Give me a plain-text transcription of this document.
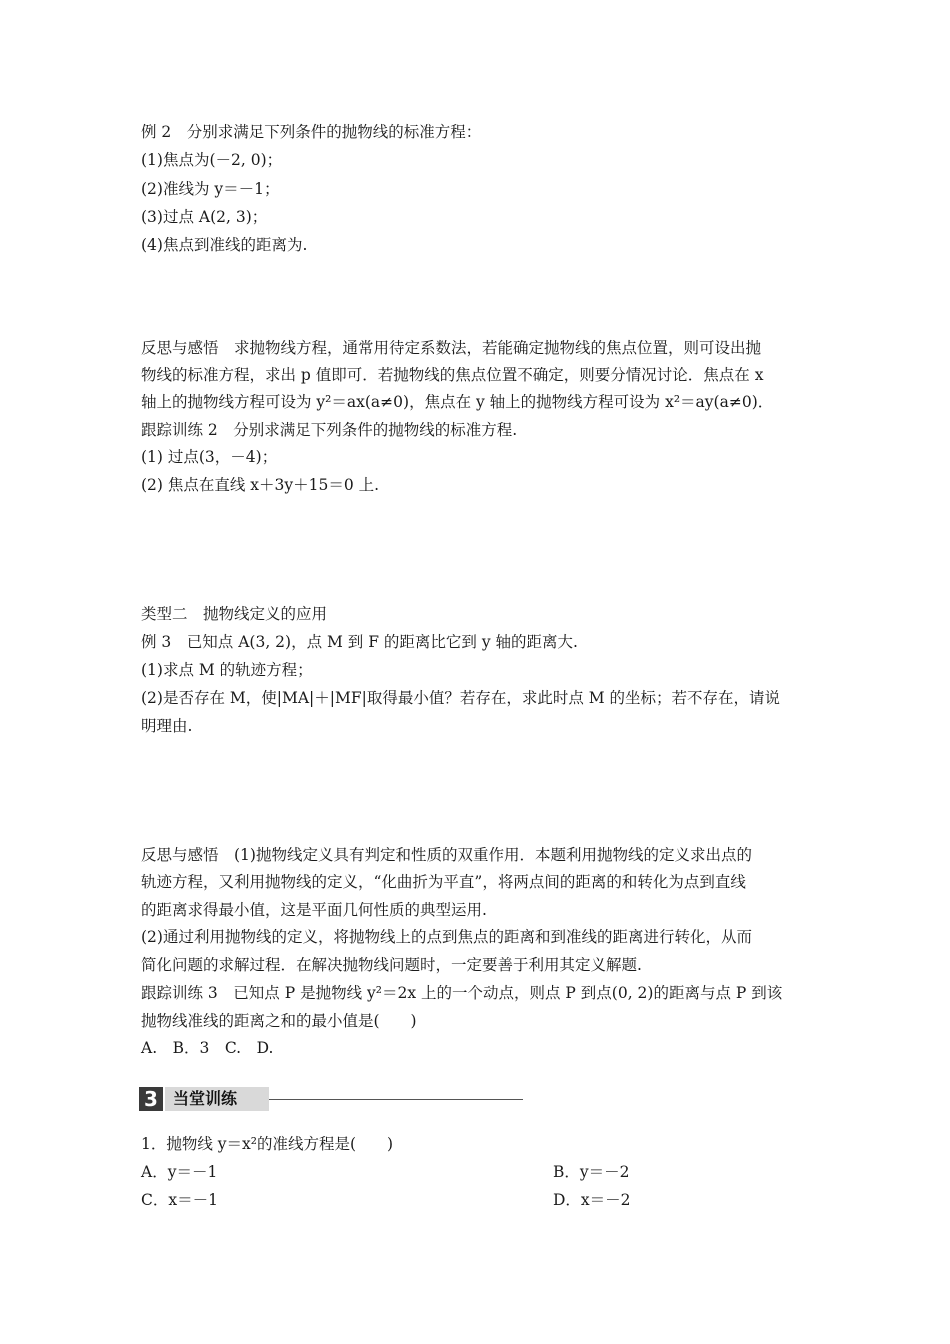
例 2　分别求满足下列条件的抛物线的标准方程：
(1)焦点为(－2, 0)；
(2)准线为 y＝－1；
(3)过点 A(2, 3)；
(4)焦点到准线的距离为.
反思与感悟　求抛物线方程，通常用待定系数法，若能确定抛物线的焦点位置，则可设出抛
物线的标准方程，求出 p 值即可．若抛物线的焦点位置不确定，则要分情况讨论．焦点在 x
轴上的抛物线方程可设为 y²＝ax(a≠0)，焦点在 y 轴上的抛物线方程可设为 x²＝ay(a≠0)．
跟踪训练 2　分别求满足下列条件的抛物线的标准方程.
(1) 过点(3，－4)；
(2) 焦点在直线 x＋3y＋15＝0 上.
类型二　抛物线定义的应用
例 3　已知点 A(3, 2)，点 M 到 F 的距离比它到 y 轴的距离大.
(1)求点 M 的轨迹方程；
(2)是否存在 M，使|MA|＋|MF|取得最小值？若存在，求此时点 M 的坐标；若不存在，请说
明理由.
反思与感悟　(1)抛物线定义具有判定和性质的双重作用．本题利用抛物线的定义求出点的
轨迹方程，又利用抛物线的定义，“化曲折为平直”，将两点间的距离的和转化为点到直线
的距离求得最小值，这是平面几何性质的典型运用.
(2)通过利用抛物线的定义，将抛物线上的点到焦点的距离和到准线的距离进行转化，从而
简化问题的求解过程．在解决抛物线问题时，一定要善于利用其定义解题.
跟踪训练 3　已知点 P 是抛物线 y²＝2x 上的一个动点，则点 P 到点(0, 2)的距离与点 P 到该
抛物线准线的距离之和的最小值是(　　)
A.　B．3　C.　D.
3 当堂训练
1．抛物线 y＝x²的准线方程是(　　)
A．y＝－1	B．y＝－2
C．x＝－1	D．x＝－2
